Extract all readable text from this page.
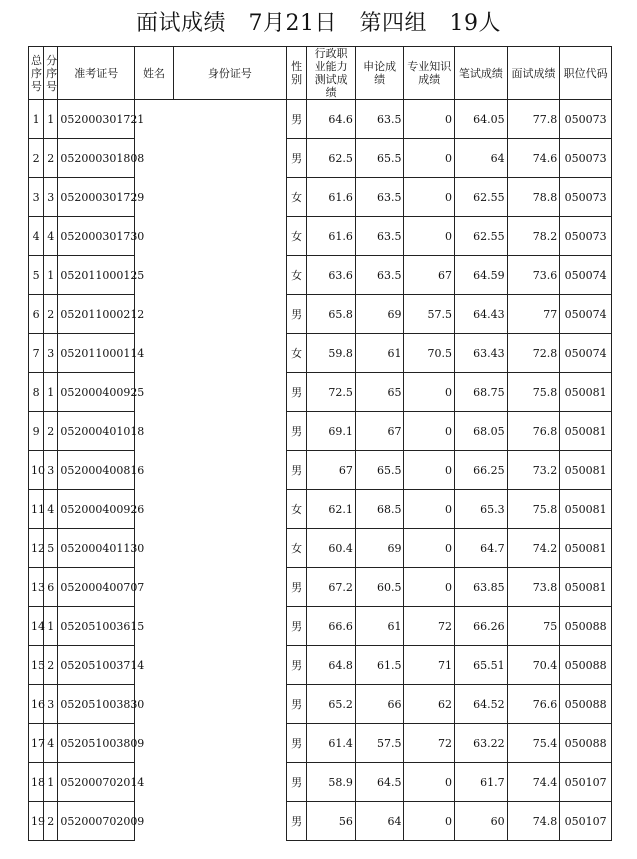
面试成绩　7月21日　第四组　19人
总序号	分序号	准考证号	姓名	身份证号	性别	行政职业能力测试成绩	申论成绩	专业知识成绩	笔试成绩	面试成绩	职位代码
1	1	052000301721			男	64.6	63.5	0	64.05	77.8	050073
2	2	052000301808			男	62.5	65.5	0	64	74.6	050073
3	3	052000301729			女	61.6	63.5	0	62.55	78.8	050073
4	4	052000301730			女	61.6	63.5	0	62.55	78.2	050073
5	1	052011000125			女	63.6	63.5	67	64.59	73.6	050074
6	2	052011000212			男	65.8	69	57.5	64.43	77	050074
7	3	052011000114			女	59.8	61	70.5	63.43	72.8	050074
8	1	052000400925			男	72.5	65	0	68.75	75.8	050081
9	2	052000401018			男	69.1	67	0	68.05	76.8	050081
10	3	052000400816			男	67	65.5	0	66.25	73.2	050081
11	4	052000400926			女	62.1	68.5	0	65.3	75.8	050081
12	5	052000401130			女	60.4	69	0	64.7	74.2	050081
13	6	052000400707			男	67.2	60.5	0	63.85	73.8	050081
14	1	052051003615			男	66.6	61	72	66.26	75	050088
15	2	052051003714			男	64.8	61.5	71	65.51	70.4	050088
16	3	052051003830			男	65.2	66	62	64.52	76.6	050088
17	4	052051003809			男	61.4	57.5	72	63.22	75.4	050088
18	1	052000702014			男	58.9	64.5	0	61.7	74.4	050107
19	2	052000702009			男	56	64	0	60	74.8	050107
